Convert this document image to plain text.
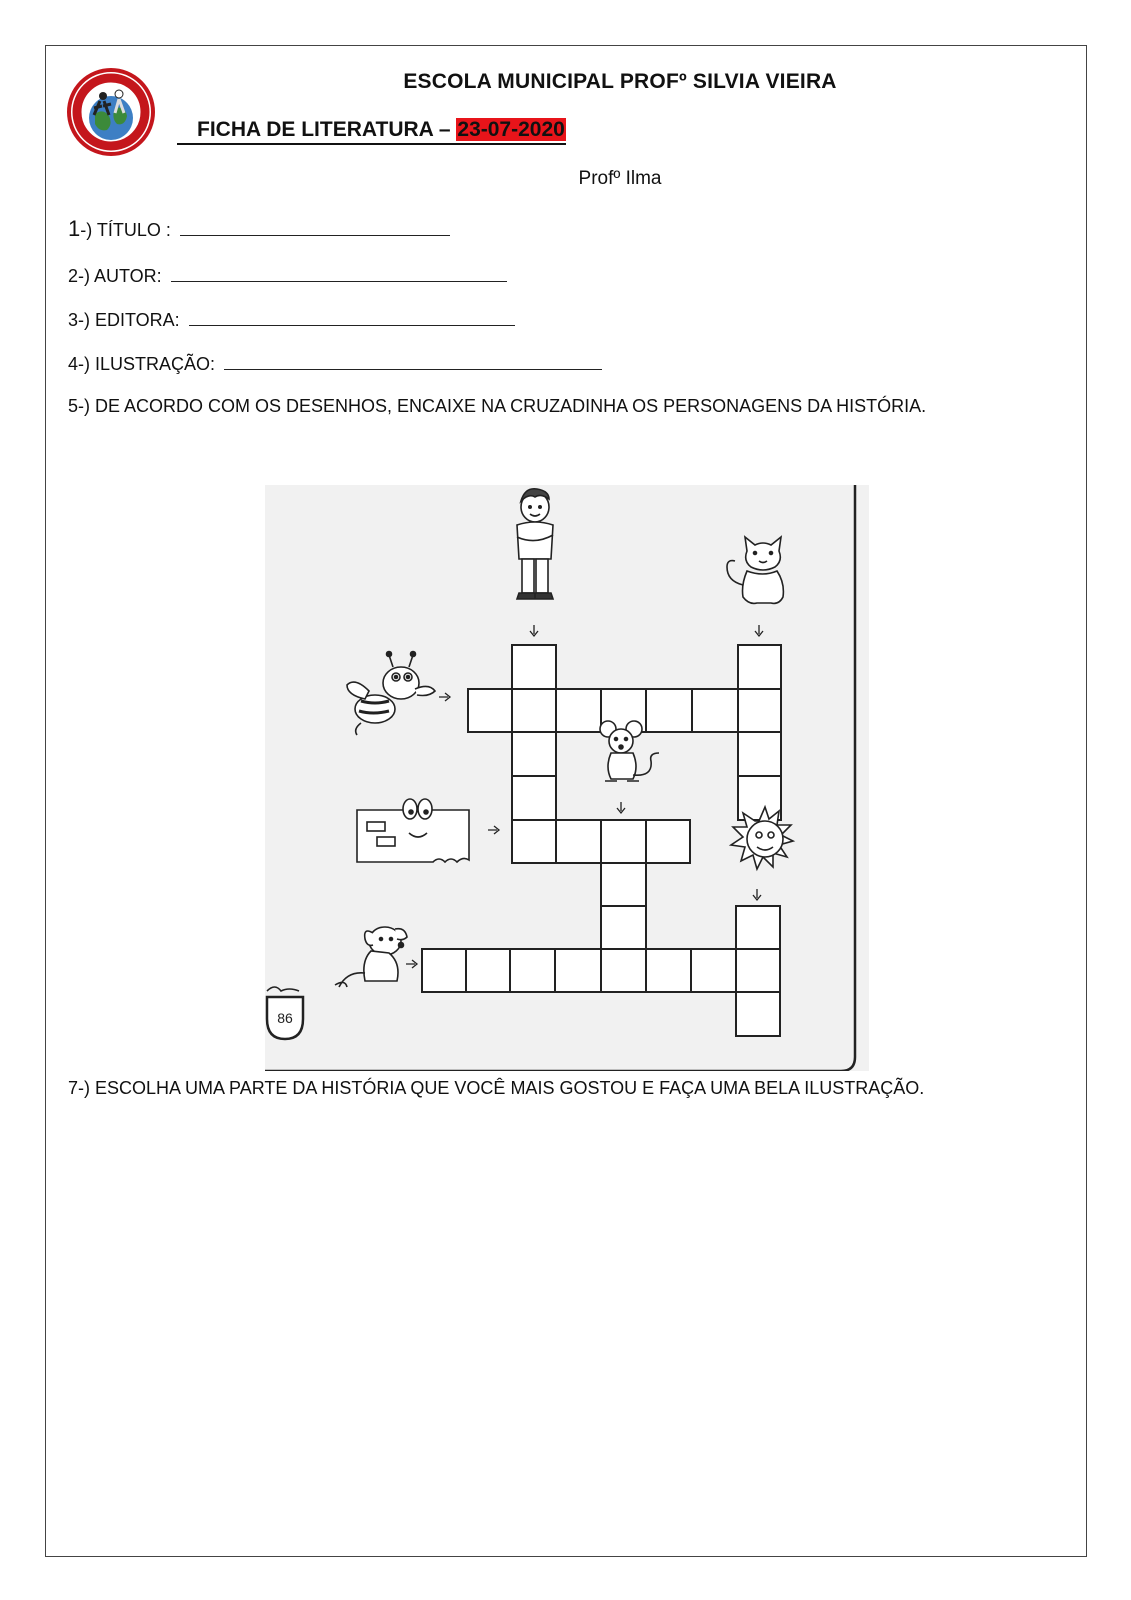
ESCOLA MUNICIPAL PROFº SILVIA VIEIRA
FICHA DE LITERATURA – 23-07-2020
Profº Ilma
1-) TÍTULO :
2-) AUTOR:
3-) EDITORA:
4-) ILUSTRAÇÃO:
5-) DE ACORDO COM OS DESENHOS, ENCAIXE NA CRUZADINHA OS PERSONAGENS DA HISTÓRIA.
86
7-) ESCOLHA UMA PARTE DA HISTÓRIA QUE VOCÊ MAIS GOSTOU E FAÇA UMA BELA ILUSTRAÇÃO.
